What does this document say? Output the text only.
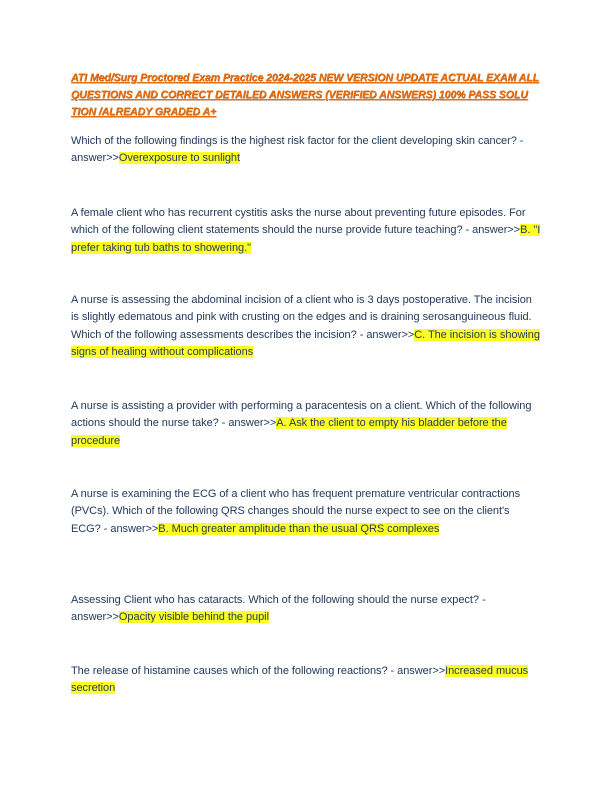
ATI Med/Surg Proctored Exam Practice 2024-2025 NEW VERSION UPDATE ACTUAL EXAM ALL QUESTIONS AND CORRECT DETAILED ANSWERS (VERIFIED ANSWERS) 100% PASS SOLU TION /ALREADY GRADED A+
Which of the following findings is the highest risk factor for the client developing skin cancer? - answer>>Overexposure to sunlight
A female client who has recurrent cystitis asks the nurse about preventing future episodes. For which of the following client statements should the nurse provide future teaching? - answer>>B. "I prefer taking tub baths to showering."
A nurse is assessing the abdominal incision of a client who is 3 days postoperative. The incision is slightly edematous and pink with crusting on the edges and is draining serosanguineous fluid. Which of the following assessments describes the incision? - answer>>C. The incision is showing signs of healing without complications
A nurse is assisting a provider with performing a paracentesis on a client. Which of the following actions should the nurse take? - answer>>A. Ask the client to empty his bladder before the procedure
A nurse is examining the ECG of a client who has frequent premature ventricular contractions (PVCs). Which of the following QRS changes should the nurse expect to see on the client's ECG? - answer>>B. Much greater amplitude than the usual QRS complexes
Assessing Client who has cataracts. Which of the following should the nurse expect? - answer>>Opacity visible behind the pupil
The release of histamine causes which of the following reactions? - answer>>Increased mucus secretion
